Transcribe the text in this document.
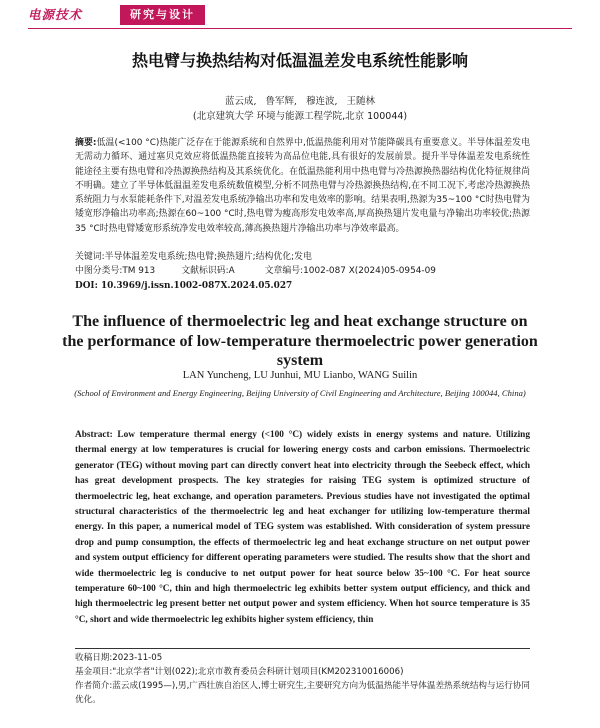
电源技术	研究与设计
热电臂与换热结构对低温温差发电系统性能影响
蓝云成, 鲁军辉, 穆连波, 王随林
(北京建筑大学 环境与能源工程学院,北京 100044)

摘要:低温(<100 °C)热能广泛存在于能源系统和自然界中,低温热能利用对节能降碳具有重要意义。半导体温差发电无需动力循环、通过塞贝克效应将低温热能直接转为高品位电能,具有很好的发展前景。提升半导体温差发电系统性能途径主要有热电臂和冷热源换热结构及其系统优化。在低温热能利用中热电臂与冷热源换热器结构优化特征规律尚不明确。建立了半导体低温温差发电系统数值模型,分析不同热电臂与冷热源换热结构,在不同工况下,考虑冷热源换热系统阻力与水泵能耗条件下,对温差发电系统净输出功率和发电效率的影响。结果表明,热源为35~100 °C时热电臂为矮宽形净输出功率高;热源在60~100 °C时,热电臂为瘦高形发电效率高,厚高换热翅片发电量与净输出功率较优;热源35 °C时热电臂矮宽形系统净发电效率较高,薄高换热翅片净输出功率与净效率最高。

关键词:半导体温差发电系统;热电臂;换热翅片;结构优化;发电
中图分类号:TM 913	文献标识码:A	文章编号:1002-087 X(2024)05-0954-09
DOI: 10.3969/j.issn.1002-087X.2024.05.027
The influence of thermoelectric leg and heat exchange structure on the performance of low-temperature thermoelectric power generation system
LAN Yuncheng, LU Junhui, MU Lianbo, WANG Suilin
(School of Environment and Energy Engineering, Beijing University of Civil Engineering and Architecture, Beijing 100044, China)

Abstract: Low temperature thermal energy (<100 °C) widely exists in energy systems and nature. Utilizing thermal energy at low temperatures is crucial for lowering energy costs and carbon emissions. Thermoelectric generator (TEG) without moving part can directly convert heat into electricity through the Seebeck effect, which has great development prospects. The key strategies for raising TEG system is optimized structure of thermoelectric leg, heat exchange, and operation parameters. Previous studies have not investigated the optimal structural characteristics of the thermoelectric leg and heat exchanger for utilizing low-temperature thermal energy. In this paper, a numerical model of TEG system was established. With consideration of system pressure drop and pump consumption, the effects of thermoelectric leg and heat exchange structure on net output power and system output efficiency for different operating parameters were studied. The results show that the short and wide thermoelectric leg is conducive to net output power for heat source below 35~100 °C. For heat source temperature 60~100 °C, thin and high thermoelectric leg exhibits better system output efficiency, and thick and high thermoelectric leg present better net output power and system efficiency. When hot source temperature is 35 °C, short and wide thermoelectric leg exhibits higher system efficiency, thin

收稿日期:2023-11-05
基金项目:"北京学者"计划(022);北京市教育委员会科研计划项目(KM202310016006)
作者简介:蓝云成(1995—),男,广西壮族自治区人,博士研究生,主要研究方向为低温热能半导体温差热系统结构与运行协同优化。
